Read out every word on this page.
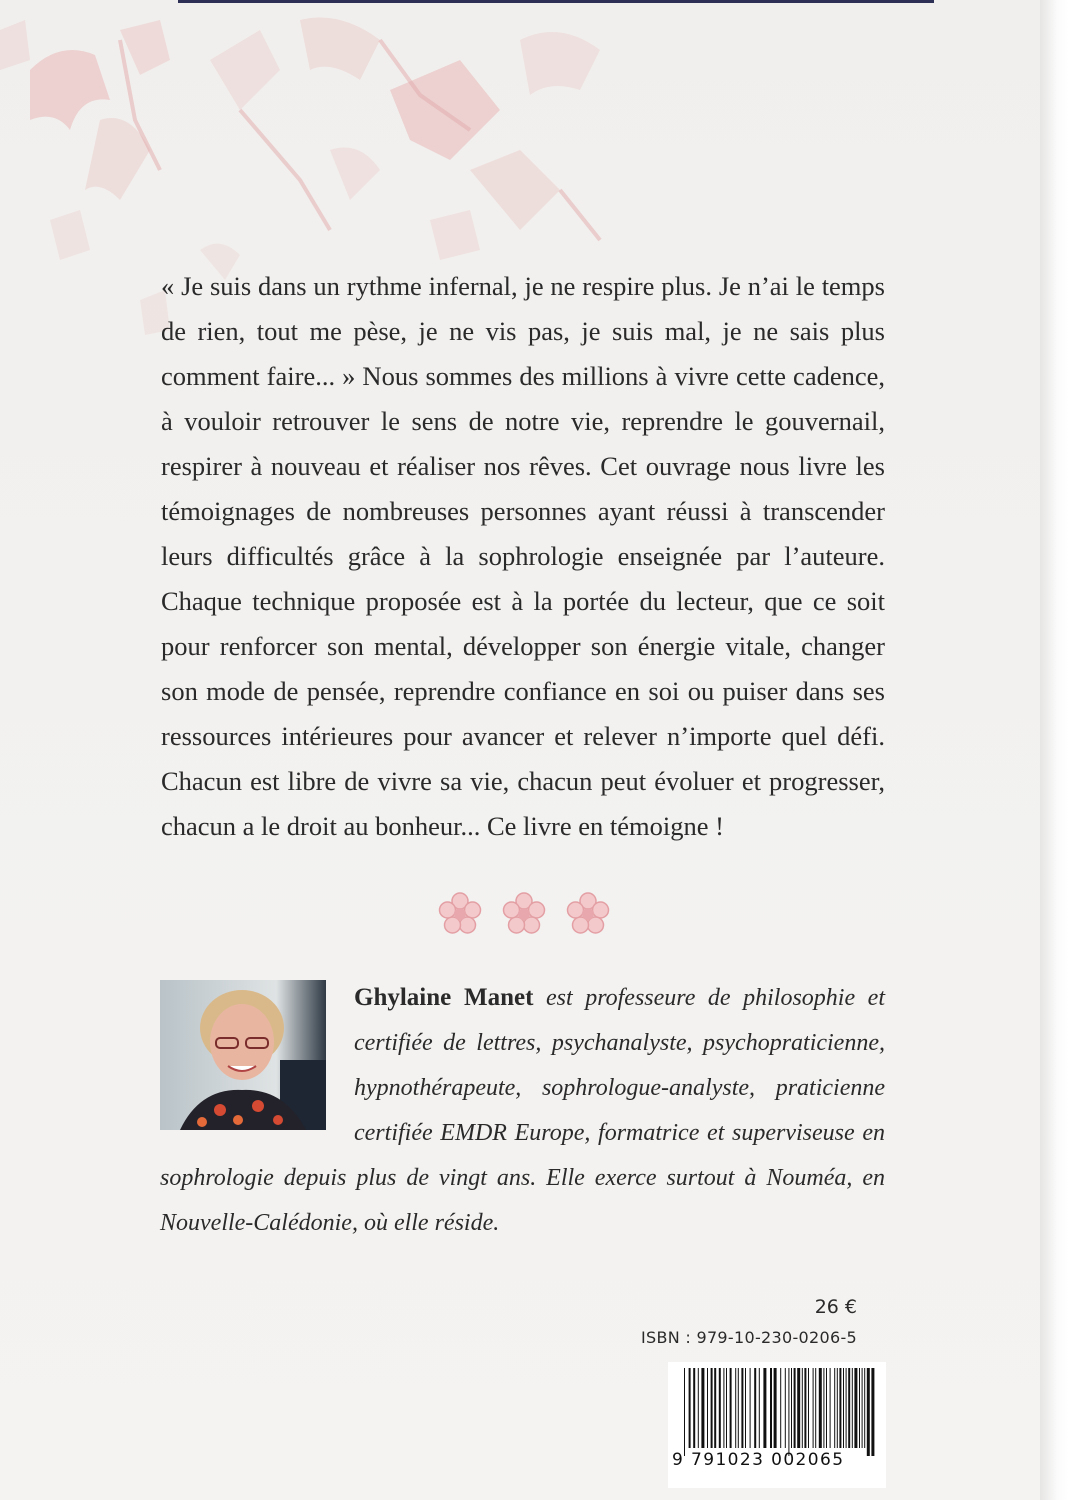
« Je suis dans un rythme infernal, je ne respire plus. Je n’ai le temps de rien, tout me pèse, je ne vis pas, je suis mal, je ne sais plus comment faire... » Nous sommes des millions à vivre cette cadence, à vouloir retrouver le sens de notre vie, reprendre le gouvernail, respirer à nouveau et réaliser nos rêves. Cet ouvrage nous livre les témoignages de nombreuses personnes ayant réussi à transcender leurs difficultés grâce à la sophrologie enseignée par l’auteure. Chaque technique proposée est à la portée du lecteur, que ce soit pour renforcer son mental, développer son énergie vitale, changer son mode de pensée, reprendre confiance en soi ou puiser dans ses ressources intérieures pour avancer et relever n’importe quel défi. Chacun est libre de vivre sa vie, chacun peut évoluer et progresser, chacun a le droit au bonheur... Ce livre en témoigne !

Ghylaine Manet est professeure de philosophie et certifiée de lettres, psychanalyste, psychopraticienne, hypnothérapeute, sophrologue-analyste, praticienne certifiée EMDR Europe, formatrice et superviseuse en sophrologie depuis plus de vingt ans. Elle exerce surtout à Nouméa, en Nouvelle-Calédonie, où elle réside.

26 €
ISBN : 979-10-230-0206-5
9 791023 002065
